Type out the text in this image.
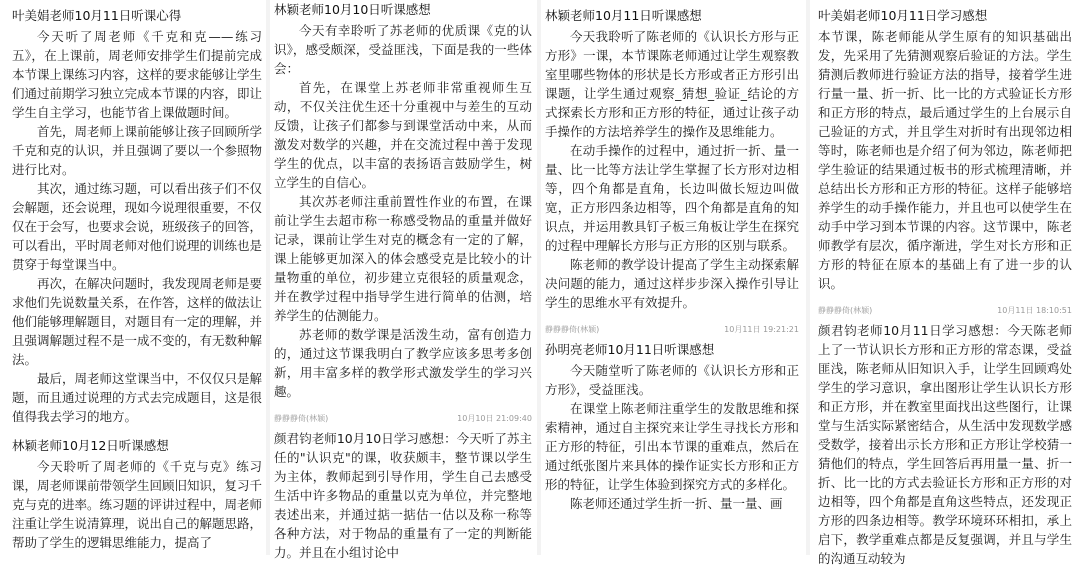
叶美娟老师10月11日听课心得

今天听了周老师《千克和克——练习五》，在上课前，周老师安排学生们提前完成本节课上课练习内容，这样的要求能够让学生们通过前期学习独立完成本节课的内容，即让学生自主学习，也能节省上课做题时间。

首先，周老师上课前能够让孩子回顾所学千克和克的认识，并且强调了要以一个参照物进行比对。

其次，通过练习题，可以看出孩子们不仅会解题，还会说理，现如今说理很重要，不仅仅在于会写，也要求会说，班级孩子的回答，可以看出，平时周老师对他们说理的训练也是贯穿于每堂课当中。

再次，在解决问题时，我发现周老师是要求他们先说数量关系，在作答，这样的做法让他们能够理解题目，对题目有一定的理解，并且强调解题过程不是一成不变的，有无数种解法。

最后，周老师这堂课当中，不仅仅只是解题，而且通过说理的方式去完成题目，这是很值得我去学习的地方。

林颖老师10月12日听课感想

今天聆听了周老师的《千克与克》练习课，周老师课前带领学生回顾旧知识，复习千克与克的进率。练习题的评讲过程中，周老师注重让学生说清算理，说出自己的解题思路，帮助了学生的逻辑思维能力，提高了

林颖老师10月10日听课感想

今天有幸聆听了苏老师的优质课《克的认识》，感受颇深，受益匪浅，下面是我的一些体会：

首先，在课堂上苏老师非常重视师生互动，不仅关注优生还十分重视中与差生的互动反馈，让孩子们都参与到课堂活动中来，从而激发对数学的兴趣，并在交流过程中善于发现学生的优点，以丰富的表扬语言鼓励学生，树立学生的自信心。

其次苏老师注重前置性作业的布置，在课前让学生去超市称一称感受物品的重量并做好记录，课前让学生对克的概念有一定的了解，课上能够更加深入的体会感受克是比较小的计量物重的单位，初步建立克很轻的质量观念，并在教学过程中指导学生进行简单的估测，培养学生的估测能力。

苏老师的数学课是活泼生动，富有创造力的，通过这节课我明白了教学应该多思考多创新，用丰富多样的教学形式激发学生的学习兴趣。

静静静倚(林颖)	10月10日 21:09:40

颜君钧老师10月10日学习感想：今天听了苏主任的"认识克"的课，收获颇丰，整节课以学生为主体，教师起到引导作用，学生自己去感受生活中许多物品的重量以克为单位，并完整地表述出来，并通过掂一掂估一估以及称一称等各种方法，对于物品的重量有了一定的判断能力。并且在小组讨论中

林颖老师10月11日听课感想

今天我聆听了陈老师的《认识长方形与正方形》一课，本节课陈老师通过让学生观察教室里哪些物体的形状是长方形或者正方形引出课题，让学生通过观察_猜想_验证_结论的方式探索长方形和正方形的特征，通过让孩子动手操作的方法培养学生的操作及思维能力。

在动手操作的过程中，通过折一折、量一量、比一比等方法让学生掌握了长方形对边相等，四个角都是直角，长边叫做长短边叫做宽，正方形四条边相等，四个角都是直角的知识点，并运用教具钉子板三角板让学生在探究的过程中理解长方形与正方形的区别与联系。

陈老师的教学设计提高了学生主动探索解决问题的能力，通过这样步步深入操作引导让学生的思维水平有效提升。

静静静倚(林颖)	10月11日 19:21:21
孙明亮老师10月11日听课感想

今天随堂听了陈老师的《认识长方形和正方形》，受益匪浅。

在课堂上陈老师注重学生的发散思维和探索精神，通过自主探究来让学生寻找长方形和正方形的特征，引出本节课的重难点，然后在通过纸张图片来具体的操作证实长方形和正方形的特征，让学生体验到探究方式的多样化。

陈老师还通过学生折一折、量一量、画

叶美娟老师10月11日学习感想

本节课，陈老师能从学生原有的知识基础出发，先采用了先猜测观察后验证的方法。学生猜测后教师进行验证方法的指导，接着学生进行量一量、折一折、比一比的方式验证长方形和正方形的特点，最后通过学生的上台展示自己验证的方式，并且学生对折时有出现邻边相等时，陈老师也是介绍了何为邻边，陈老师把学生验证的结果通过板书的形式梳理清晰，并总结出长方形和正方形的特征。这样子能够培养学生的动手操作能力，并且也可以使学生在动手中学习到本节课的内容。这节课中，陈老师教学有层次，循序渐进，学生对长方形和正方形的特征在原本的基础上有了进一步的认识。

静静静倚(林颖)	10月11日 18:10:51

颜君钧老师10月11日学习感想：今天陈老师上了一节认识长方形和正方形的常态课，受益匪浅，陈老师从旧知识入手，让学生回顾鸡处学生的学习意识，拿出图形让学生认识长方形和正方形，并在教室里面找出这些图行，让课堂与生活实际紧密结合，从生活中发现数学感受数学，接着出示长方形和正方形让学校猜一猜他们的特点，学生回答后再用量一量、折一折、比一比的方式去验证长方形和正方形的对边相等，四个角都是直角这些特点，还发现正方形的四条边相等。教学环境环环相扣，承上启下，教学重难点都是反复强调，并且与学生的沟通互动较为
